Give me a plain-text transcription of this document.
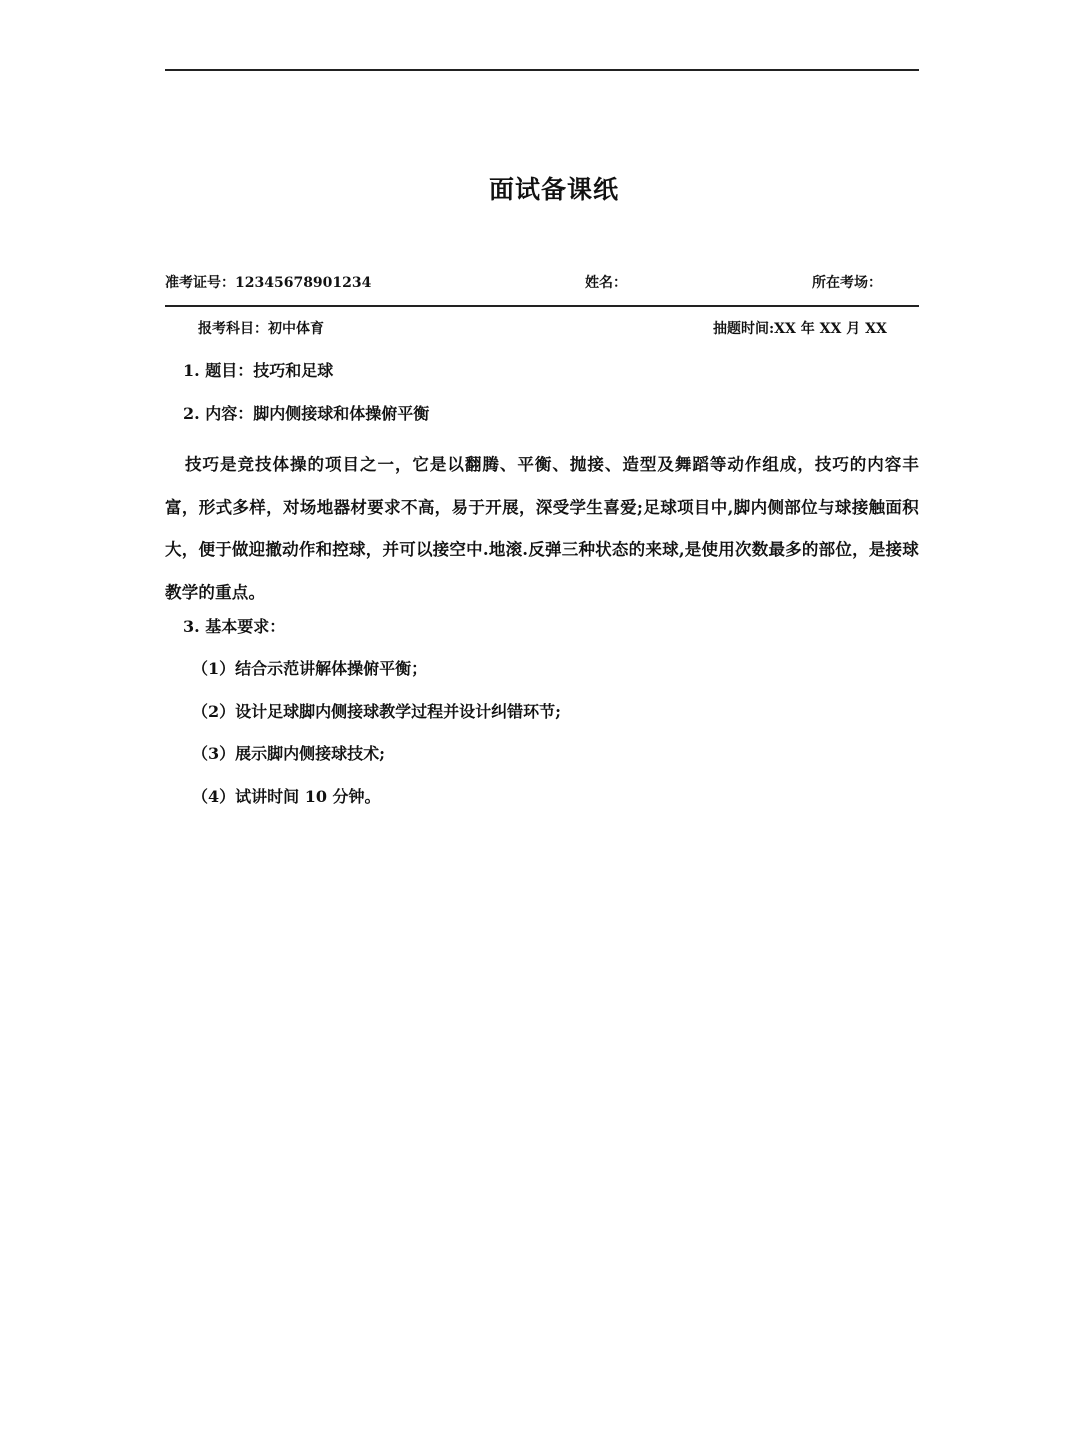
面试备课纸
准考证号：12345678901234	姓名：	所在考场：
报考科目：初中体育	抽题时间:XX 年 XX 月 XX
1. 题目：技巧和足球
2. 内容：脚内侧接球和体操俯平衡
技巧是竞技体操的项目之一，它是以翻腾、平衡、抛接、造型及舞蹈等动作组成，技巧的内容丰富，形式多样，对场地器材要求不高，易于开展，深受学生喜爱;足球项目中,脚内侧部位与球接触面积大，便于做迎撤动作和控球，并可以接空中.地滚.反弹三种状态的来球,是使用次数最多的部位，是接球教学的重点。
3. 基本要求：
（1）结合示范讲解体操俯平衡；
（2）设计足球脚内侧接球教学过程并设计纠错环节;
（3）展示脚内侧接球技术;
（4）试讲时间 10 分钟。
